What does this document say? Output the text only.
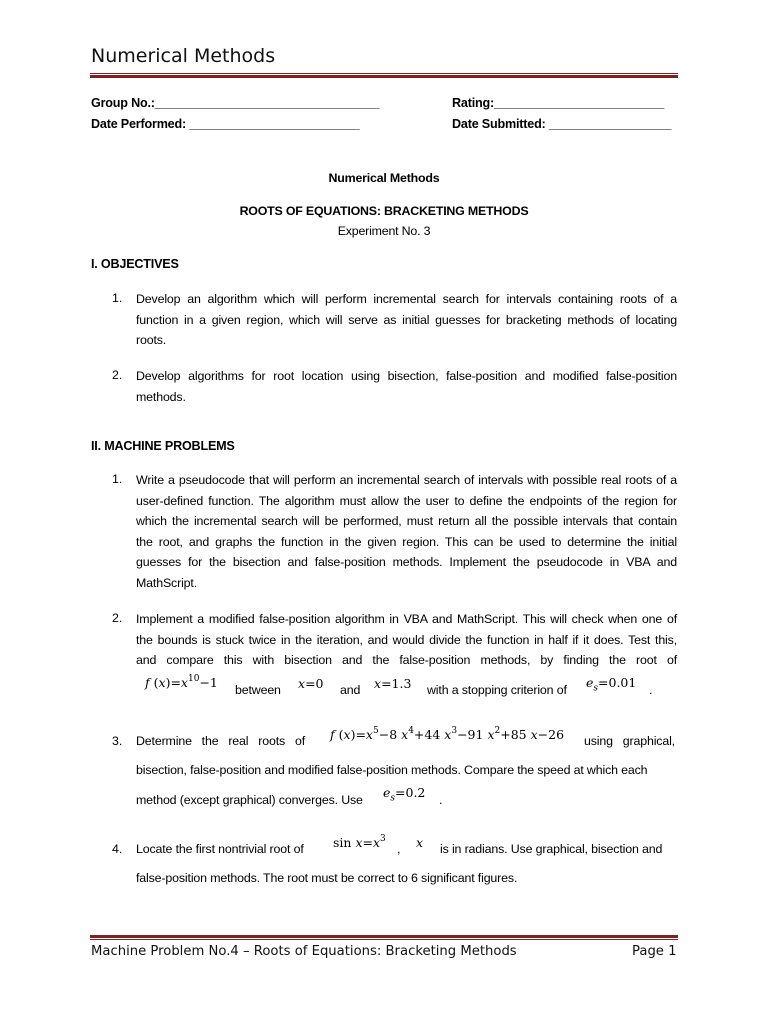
Numerical Methods
Group No.:_________________________________	Rating:_________________________
Date Performed: _________________________	Date Submitted: __________________
Numerical Methods
ROOTS OF EQUATIONS: BRACKETING METHODS
Experiment No. 3
I. OBJECTIVES
1.	Develop an algorithm which will perform incremental search for intervals containing roots of a
function in a given region, which will serve as initial guesses for bracketing methods of locating
roots.
2.	Develop algorithms for root location using bisection, false-position and modified false-position
methods.
II. MACHINE PROBLEMS
1.	Write a pseudocode that will perform an incremental search of intervals with possible real roots of a
user-defined function. The algorithm must allow the user to define the endpoints of the region for
which the incremental search will be performed, must return all the possible intervals that contain
the root, and graphs the function in the given region. This can be used to determine the initial
guesses for the bisection and false-position methods. Implement the pseudocode in VBA and
MathScript.
2.	Implement a modified false-position algorithm in VBA and MathScript. This will check when one of
the bounds is stuck twice in the iteration, and would divide the function in half if it does. Test this,
and compare this with bisection and the false-position methods, by finding the root of
f $(x)=x^{10}-1$ between x=0 and x=1.3 with a stopping criterion of $e_s=0.01$ .
3.	Determine   the   real   roots   of f $(x)=x^5-8$ $x^4+44$ $x^3-91$ $x^2+85$ x−26 using   graphical,
bisection, false-position and modified false-position methods. Compare the speed at which each
method (except graphical) converges. Use $e_s=0.2$ .
4.	Locate the first nontrivial root of $\sin x=x^3$
, x is in radians. Use graphical, bisection and
false-position methods. The root must be correct to 6 significant figures.
Machine Problem No.4 – Roots of Equations: Bracketing Methods	Page 1
